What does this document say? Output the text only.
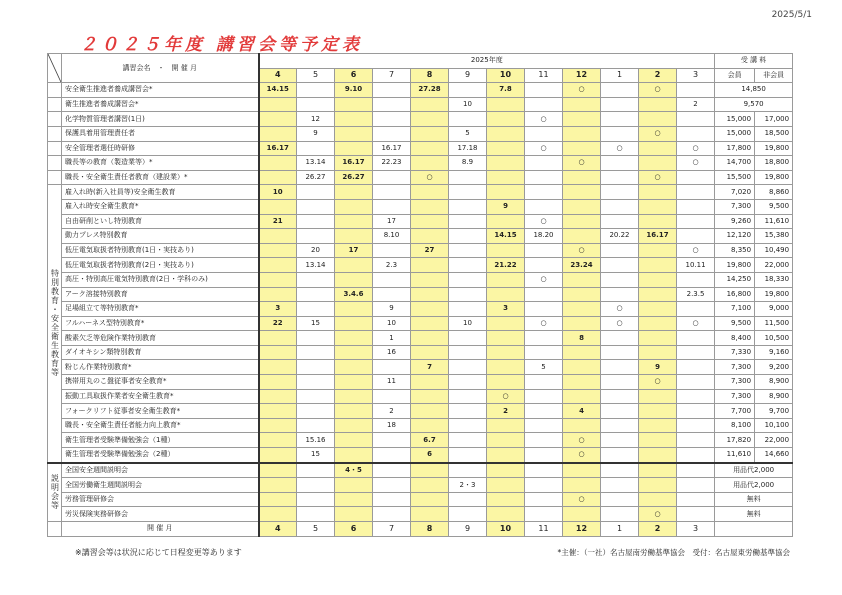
2025/5/1
２０２５年度 講習会等予定表
	講習会名　・　開 催 月	2025年度												受 講 料	
		4	5	6	7	8	9	10	11	12	1	2	3	会員	非会員
	安全衛生推進者養成講習会*	14.15		9.10		27.28		7.8		○		○		14,850	
	衛生推進者養成講習会*						10						2	9,570	
	化学物質管理者講習(1日)		12						○					15,000	17,000
	保護具着用管理責任者		9				5					○		15,000	18,500
	安全管理者選任時研修	16.17			16.17		17.18		○		○		○	17,800	19,800
	職長等の教育（製造業等）*		13.14	16.17	22.23		8.9			○			○	14,700	18,800
	職長・安全衛生責任者教育（建設業）*		26.27	26.27		○						○		15,500	19,800

特別教育・安全衛生教育等	雇入れ時(新入社員等)安全衛生教育	10												7,020	8,860
	雇入れ時安全衛生教育*							9						7,300	9,500
	自由研削といし特別教育	21			17				○					9,260	11,610
	動力プレス特別教育				8.10			14.15	18.20		20.22	16.17		12,120	15,380
	低圧電気取扱者特別教育(1日・実技あり)		20	17		27				○			○	8,350	10,490
	低圧電気取扱者特別教育(2日・実技あり)		13.14		2.3			21.22		23.24			10.11	19,800	22,000
	高圧・特別高圧電気特別教育(2日・学科のみ)								○					14,250	18,330
	アーク溶接特別教育			3.4.6									2.3.5	16,800	19,800
	足場組立て等特別教育*	3			9			3			○			7,100	9,000
	フルハーネス型特別教育*	22	15		10		10		○		○		○	9,500	11,500
	酸素欠乏等危険作業特別教育				1					8				8,400	10,500
	ダイオキシン類特別教育				16									7,330	9,160
	粉じん作業特別教育*					7			5			9		7,300	9,200
	携帯用丸のこ盤従事者安全教育*				11							○		7,300	8,900
	振動工具取扱作業者安全衛生教育*							○						7,300	8,900
	フォークリフト従事者安全衛生教育*				2			2		4				7,700	9,700
	職長・安全衛生責任者能力向上教育*				18									8,100	10,100
	衛生管理者受験準備勉強会（1種）		15.16			6.7				○				17,820	22,000
	衛生管理者受験準備勉強会（2種）		15			6				○				11,610	14,660

説明会等	全国安全週間説明会			4・5										用品代2,000	
	全国労働衛生週間説明会						2・3							用品代2,000	
	労務管理研修会									○				無料	
	労災保険実務研修会											○		無料	
	開 催 月	4	5	6	7	8	9	10	11	12	1	2	3		
※講習会等は状況に応じて日程変更等あります	*主催：（一社）名古屋南労働基準協会　受付：名古屋東労働基準協会
